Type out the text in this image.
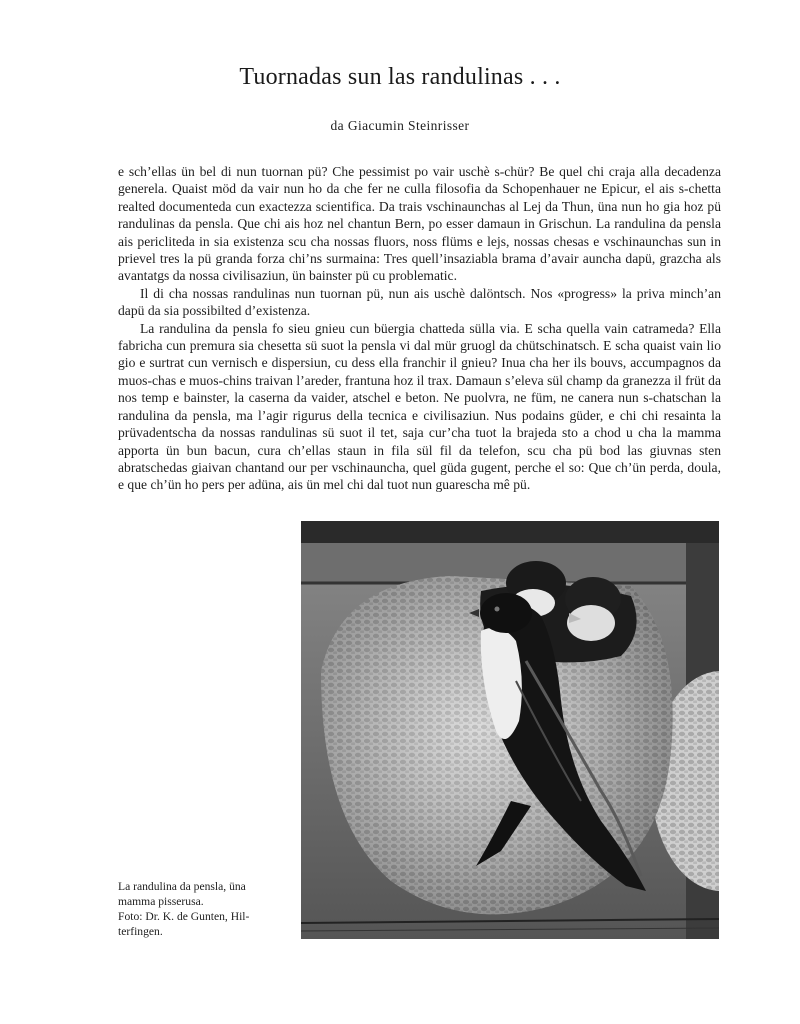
Tuornadas sun las randulinas . . .
da Giacumin Steinrisser

e sch’ellas ün bel di nun tuornan pü? Che pessimist po vair uschè s-chür? Be quel chi craja alla decadenza generela. Quaist möd da vair nun ho da che fer ne culla filosofia da Schopenhauer ne Epicur, el ais s-chetta realted documenteda cun exactezza scientifica. Da trais vschinaunchas al Lej da Thun, üna nun ho gia hoz pü randulinas da pensla. Que chi ais hoz nel chantun Bern, po esser damaun in Grischun. La randulina da pensla ais pericliteda in sia existenza scu cha nossas fluors, noss flüms e lejs, nossas chesas e vschinaunchas sun in prievel tres la pü granda forza chi’ns surmaina: Tres quell’insaziabla brama d’avair auncha dapü, grazcha als avantatgs da nossa civilisaziun, ün bainster pü cu problematic.

Il di cha nossas randulinas nun tuornan pü, nun ais uschè dalöntsch. Nos «progress» la priva minch’an dapü da sia possibilted d’existenza.

La randulina da pensla fo sieu gnieu cun büergia chatteda sülla via. E scha quella vain catrameda? Ella fabricha cun premura sia chesetta sü suot la pensla vi dal mür gruogl da chütschinatsch. E scha quaist vain lio gio e surtrat cun vernisch e dispersiun, cu dess ella franchir il gnieu? Inua cha her ils bouvs, accumpagnos da muos-chas e muos-chins traivan l’areder, frantuna hoz il trax. Damaun s’eleva sül champ da granezza il früt da nos temp e bainster, la caserna da vaider, atschel e beton. Ne puolvra, ne füm, ne canera nun s-chatschan la randulina da pensla, ma l’agir rigurus della tecnica e civilisaziun. Nus podains güder, e chi chi resainta la prüvadentscha da nossas randulinas sü suot il tet, saja cur’cha tuot la brajeda sto a chod u cha la mamma apporta ün bun bacun, cura ch’ellas staun in fila sül fil da telefon, scu cha pü bod las giuvnas sten abratschedas giaivan chantand our per vschinauncha, quel güda gugent, perche el so: Que ch’ün perda, doula, e que ch’ün ho pers per adüna, ais ün mel chi dal tuot nun guarescha mê pü.

La randulina da pensla, üna
mamma pisserusa.
Foto: Dr. K. de Gunten, Hil-
terfingen.
